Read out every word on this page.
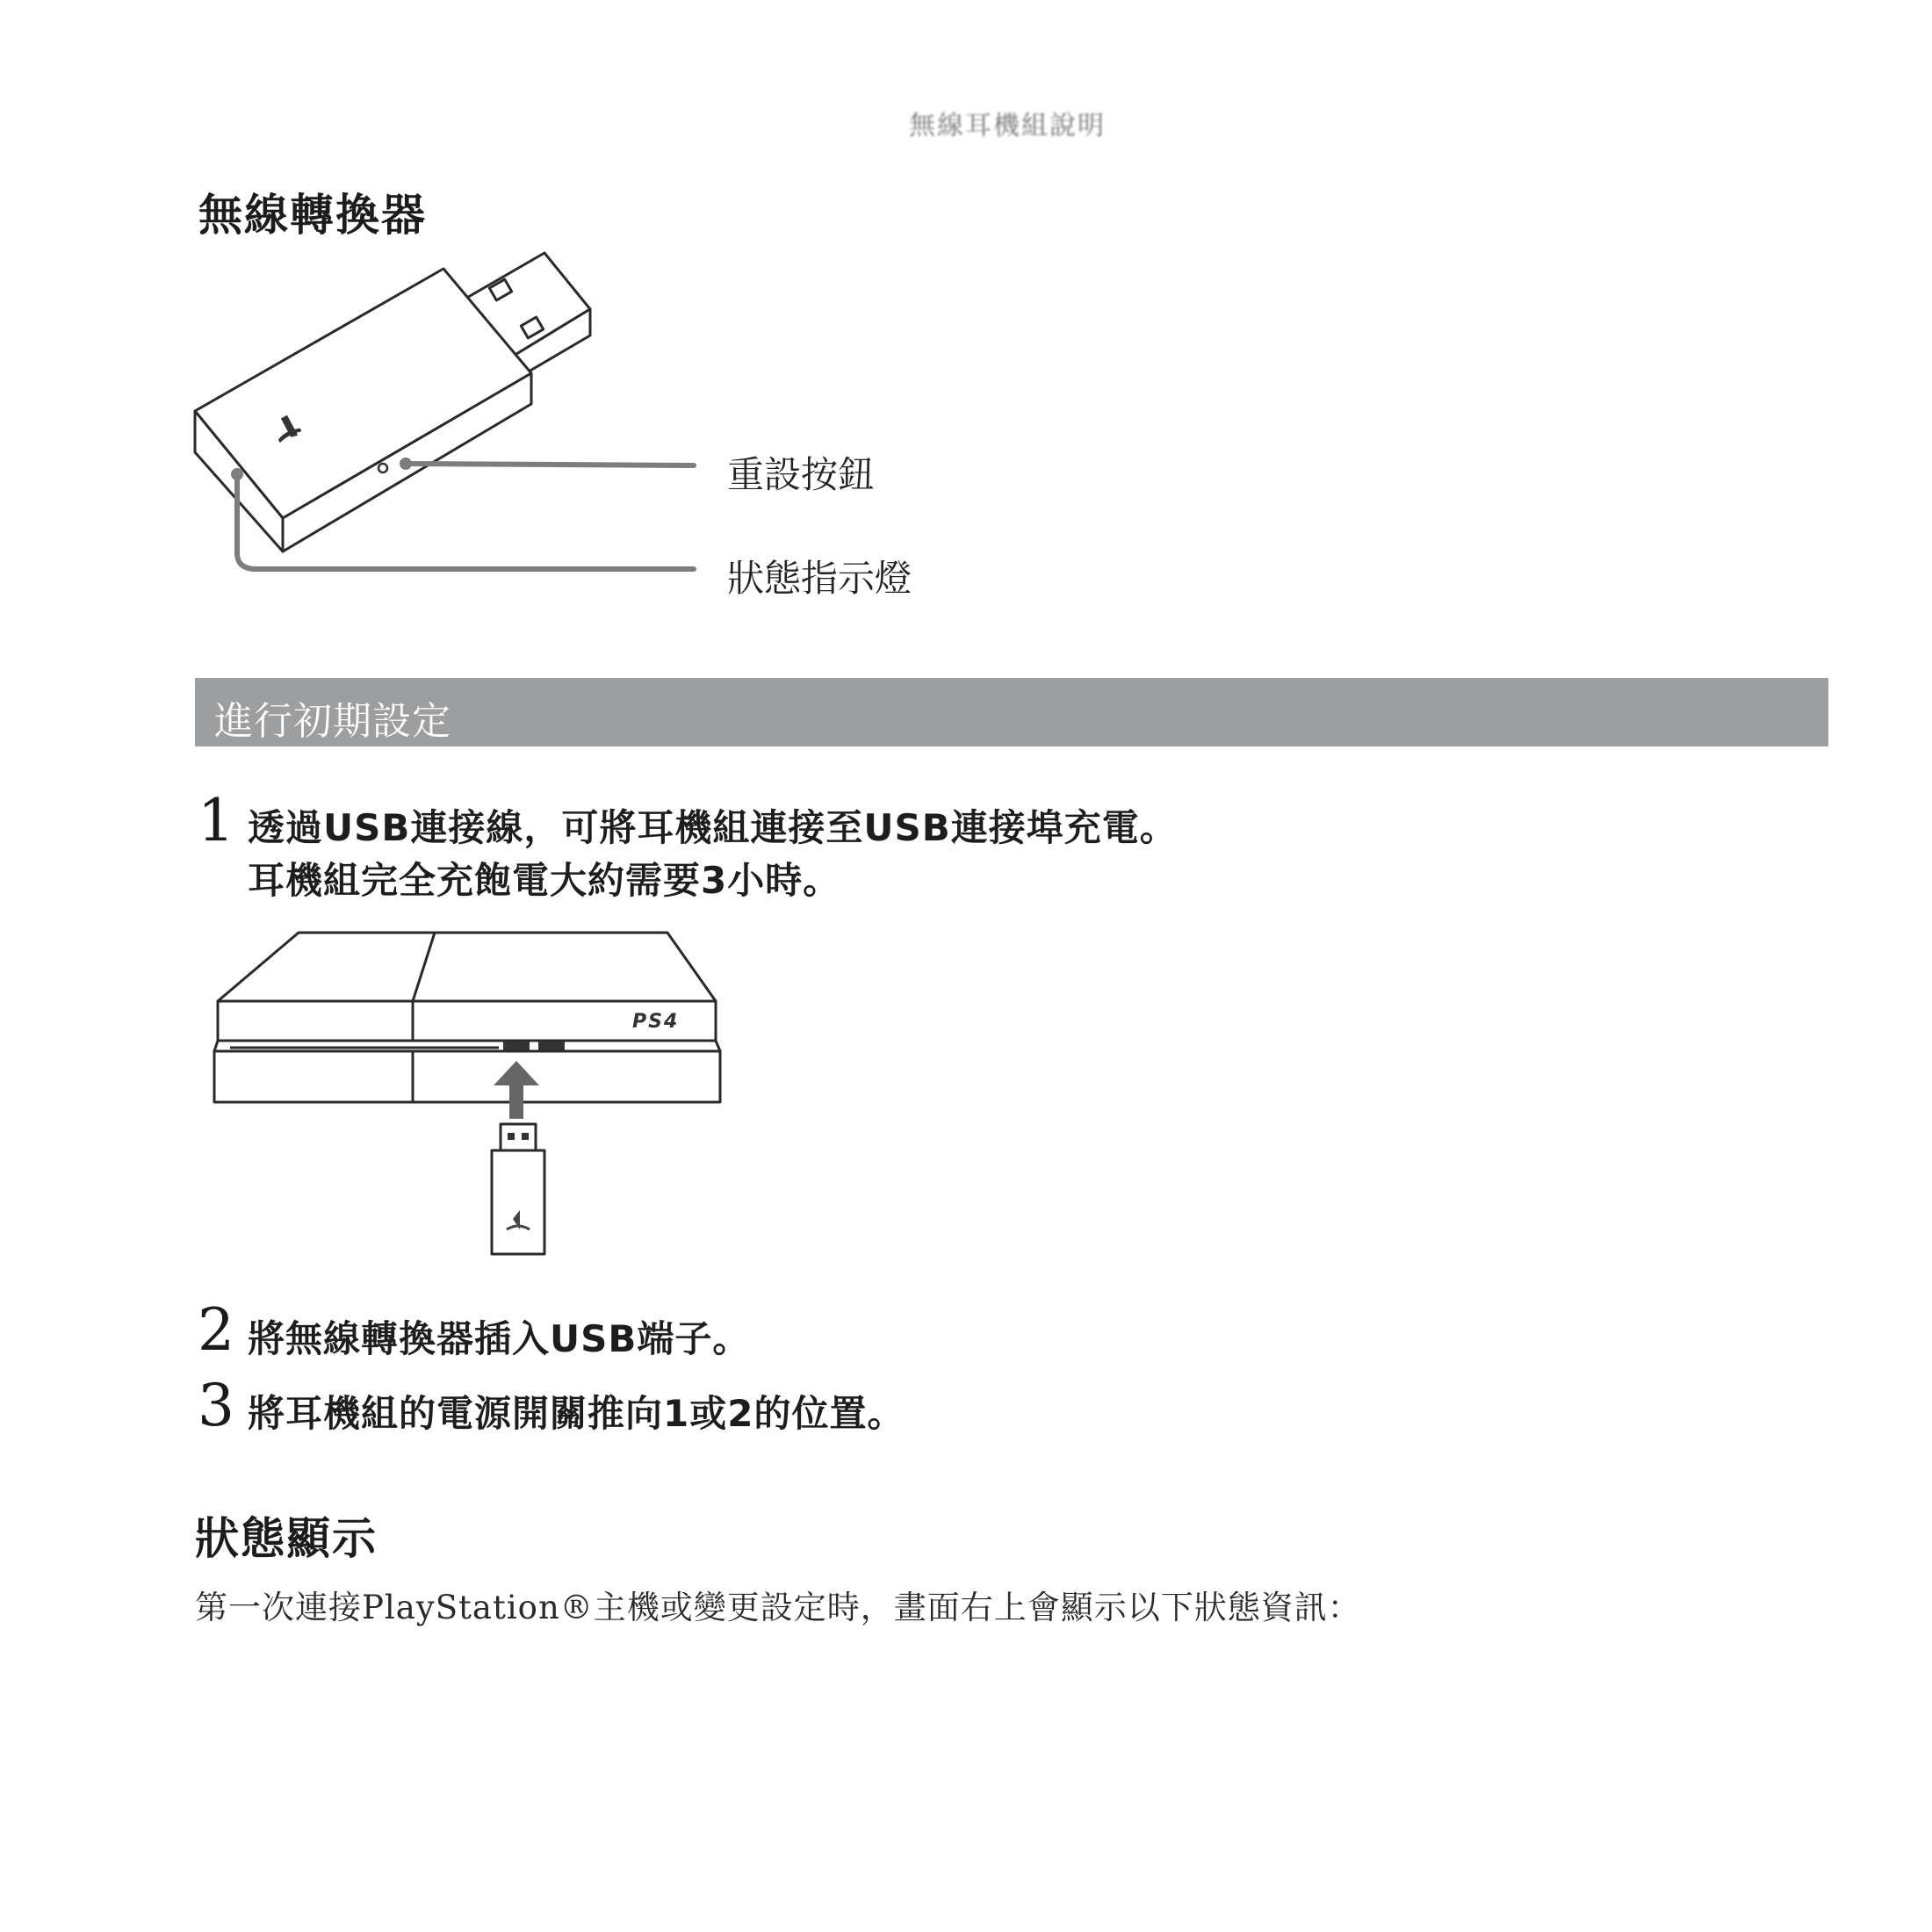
無線耳機組說明
無線轉換器
重設按鈕
狀態指示燈
進行初期設定
1 透過USB連接線，可將耳機組連接至USB連接埠充電。
耳機組完全充飽電大約需要3小時。
PS4
2 將無線轉換器插入USB端子。
3 將耳機組的電源開關推向1或2的位置。
狀態顯示
第一次連接PlayStation®主機或變更設定時，畫面右上會顯示以下狀態資訊：
